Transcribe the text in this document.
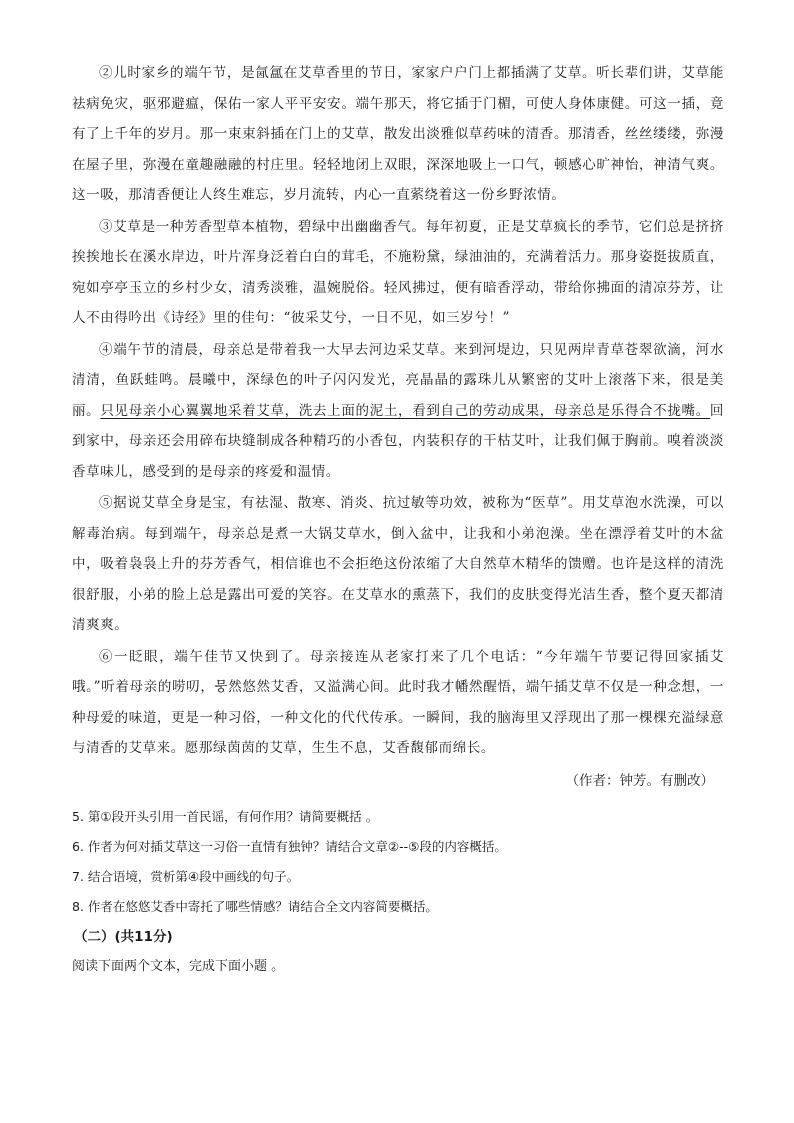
②儿时家乡的端午节，是氤氲在艾草香里的节日，家家户户门上都插满了艾草。听长辈们讲，艾草能祛病免灾，驱邪避瘟，保佑一家人平平安安。端午那天，将它插于门楣，可使人身体康健。可这一插，竟有了上千年的岁月。那一束束斜插在门上的艾草，散发出淡雅似草药味的清香。那清香，丝丝缕缕，弥漫在屋子里，弥漫在童趣融融的村庄里。轻轻地闭上双眼，深深地吸上一口气，顿感心旷神怡，神清气爽。这一吸，那清香便让人终生难忘，岁月流转，内心一直萦绕着这一份乡野浓情。

③艾草是一种芳香型草本植物，碧绿中出幽幽香气。每年初夏，正是艾草疯长的季节，它们总是挤挤挨挨地长在溪水岸边，叶片浑身泛着白白的茸毛，不施粉黛，绿油油的，充满着活力。那身姿挺拔质直，宛如亭亭玉立的乡村少女，清秀淡雅，温婉脱俗。轻风拂过，便有暗香浮动，带给你拂面的清凉芬芳，让人不由得吟出《诗经》里的佳句：“彼采艾兮，一日不见，如三岁兮！”

④端午节的清晨，母亲总是带着我一大早去河边采艾草。来到河堤边，只见两岸青草苍翠欲滴，河水清清，鱼跃蛙鸣。晨曦中，深绿色的叶子闪闪发光，亮晶晶的露珠儿从繁密的艾叶上滚落下来，很是美丽。只见母亲小心翼翼地采着艾草，洗去上面的泥土，看到自己的劳动成果，母亲总是乐得合不拢嘴。回到家中，母亲还会用碎布块缝制成各种精巧的小香包，内装积存的干枯艾叶，让我们佩于胸前。嗅着淡淡香草味儿，感受到的是母亲的疼爱和温情。

⑤据说艾草全身是宝，有祛湿、散寒、消炎、抗过敏等功效，被称为“医草”。用艾草泡水洗澡，可以解毒治病。每到端午，母亲总是煮一大锅艾草水，倒入盆中，让我和小弟泡澡。坐在漂浮着艾叶的木盆中，吸着袅袅上升的芬芳香气，相信谁也不会拒绝这份浓缩了大自然草木精华的馈赠。也许是这样的清洗很舒服，小弟的脸上总是露出可爱的笑容。在艾草水的熏蒸下，我们的皮肤变得光洁生香，整个夏天都清清爽爽。

⑥一眨眼，端午佳节又快到了。母亲接连从老家打来了几个电话：“今年端午节要记得回家插艾哦。”听着母亲的唠叨，뭉然悠然艾香，又溢满心间。此时我才幡然醒悟，端午插艾草不仅是一种念想，一种母爱的味道，更是一种习俗，一种文化的代代传承。一瞬间，我的脑海里又浮现出了那一棵棵充溢绿意与清香的艾草来。愿那绿茵茵的艾草，生生不息，艾香馥郁而绵长。

（作者：钟芳。有删改）

5. 第①段开头引用一首民谣，有何作用？请简要概括 。

6. 作者为何对插艾草这一习俗一直情有独钟？请结合文章②--⑤段的内容概括。

7. 结合语境，赏析第④段中画线的句子。

8. 作者在悠悠艾香中寄托了哪些情感？请结合全文内容简要概括。

（二）(共11分)

阅读下面两个文本，完成下面小题 。
